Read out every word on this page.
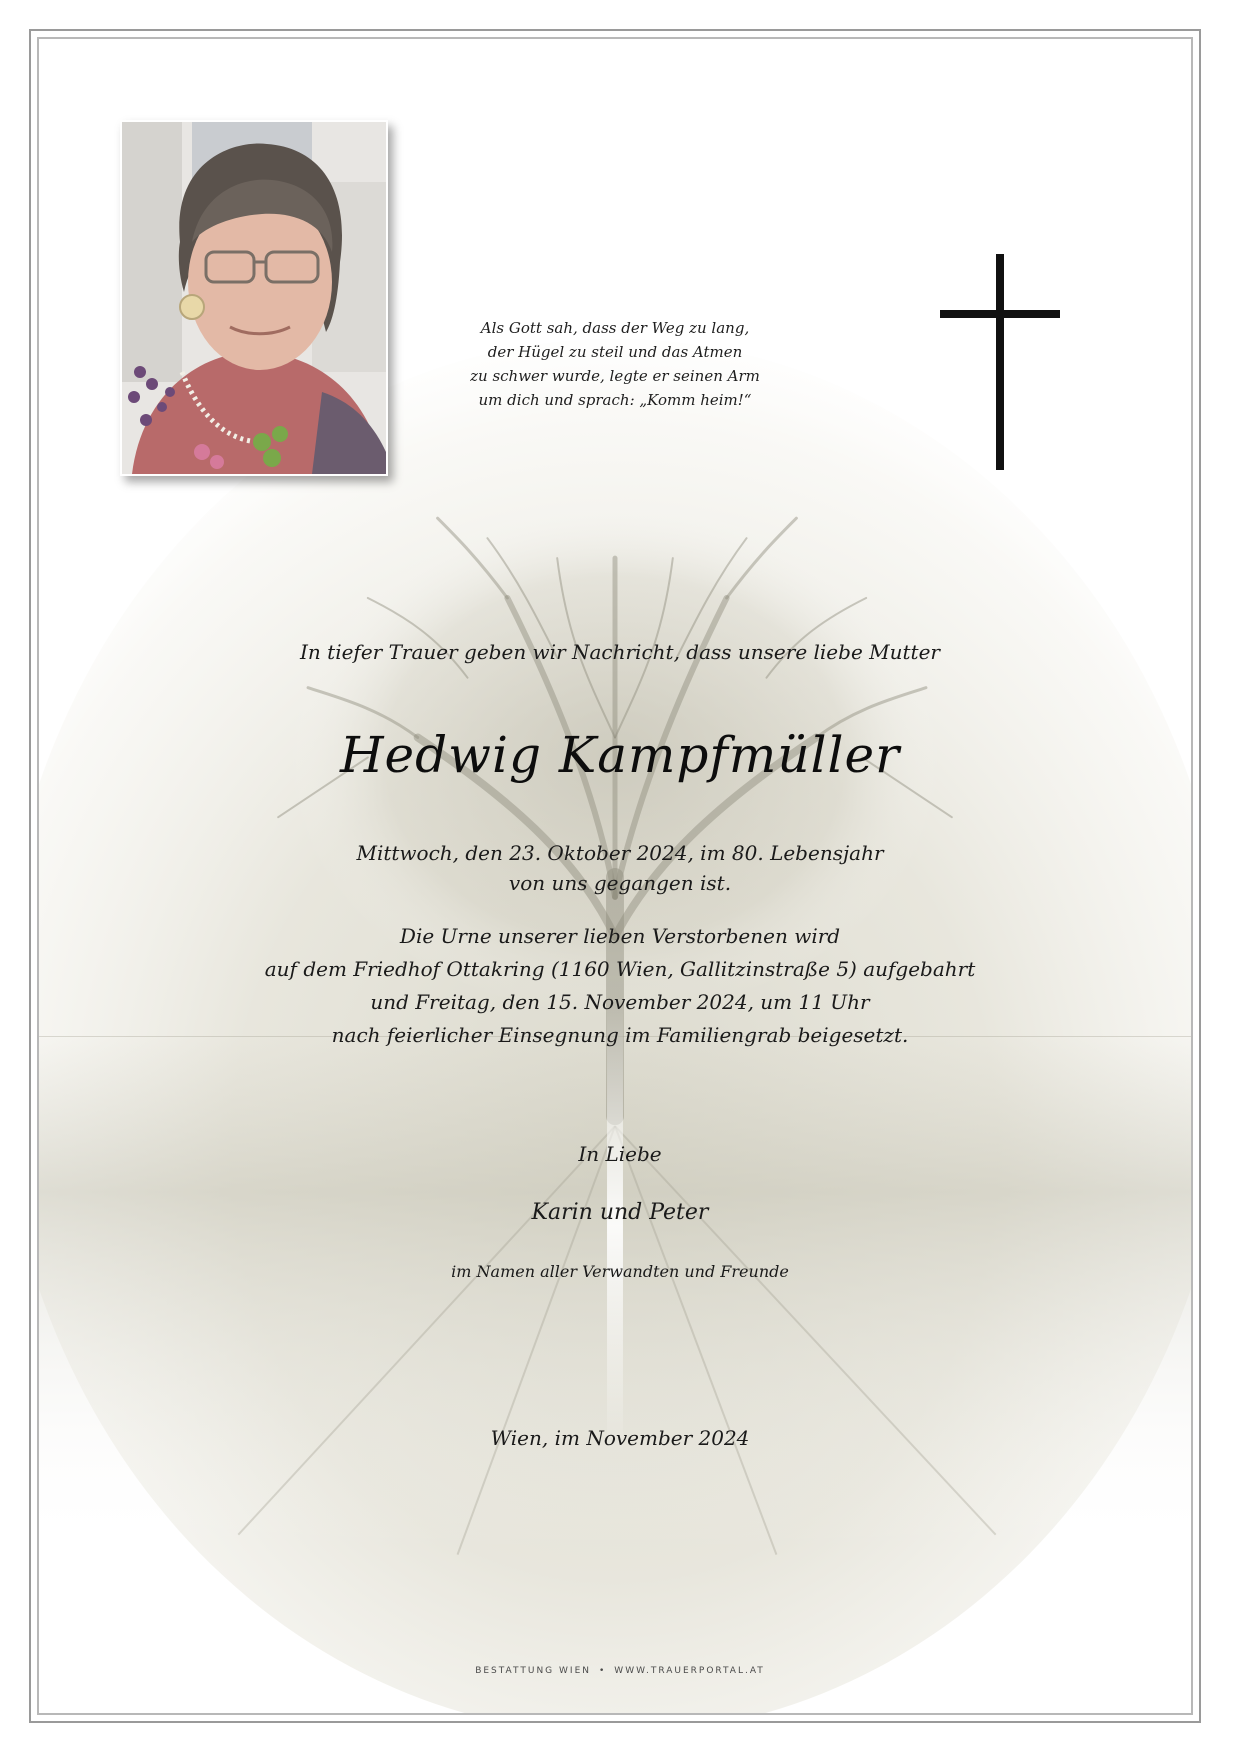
Als Gott sah, dass der Weg zu lang,
der Hügel zu steil und das Atmen
zu schwer wurde, legte er seinen Arm
um dich und sprach: „Komm heim!“
In tiefer Trauer geben wir Nachricht, dass unsere liebe Mutter
Hedwig Kampfmüller
Mittwoch, den 23. Oktober 2024, im 80. Lebensjahr
von uns gegangen ist.
Die Urne unserer lieben Verstorbenen wird
auf dem Friedhof Ottakring (1160 Wien, Gallitzinstraße 5) aufgebahrt
und Freitag, den 15. November 2024, um 11 Uhr
nach feierlicher Einsegnung im Familiengrab beigesetzt.
In Liebe
Karin und Peter
im Namen aller Verwandten und Freunde
Wien, im November 2024
BESTATTUNG WIEN • WWW.TRAUERPORTAL.AT
